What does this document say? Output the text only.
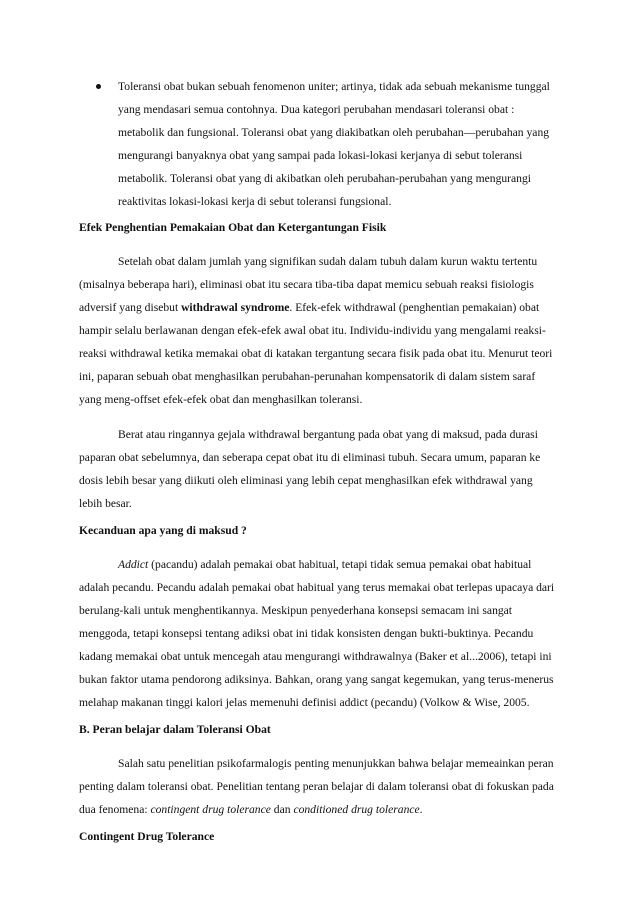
Toleransi obat bukan sebuah fenomenon uniter; artinya, tidak ada sebuah mekanisme tunggal
yang mendasari semua contohnya. Dua kategori perubahan mendasari toleransi obat :
metabolik dan fungsional. Toleransi obat yang diakibatkan oleh perubahan—perubahan yang
mengurangi banyaknya obat yang sampai pada lokasi-lokasi kerjanya di sebut toleransi
metabolik. Toleransi obat yang di akibatkan oleh perubahan-perubahan yang mengurangi
reaktivitas lokasi-lokasi kerja di sebut toleransi fungsional.
Efek Penghentian Pemakaian Obat dan Ketergantungan Fisik
Setelah obat dalam jumlah yang signifikan sudah dalam tubuh dalam kurun waktu tertentu
(misalnya beberapa hari), eliminasi obat itu secara tiba-tiba dapat memicu sebuah reaksi fisiologis
adversif yang disebut withdrawal syndrome. Efek-efek withdrawal (penghentian pemakaian) obat
hampir selalu berlawanan dengan efek-efek awal obat itu. Individu-individu yang mengalami reaksi-
reaksi withdrawal ketika memakai obat di katakan tergantung secara fisik pada obat itu. Menurut teori
ini, paparan sebuah obat menghasilkan perubahan-perunahan kompensatorik di dalam sistem saraf
yang meng-offset efek-efek obat dan menghasilkan toleransi.
Berat atau ringannya gejala withdrawal bergantung pada obat yang di maksud, pada durasi
paparan obat sebelumnya, dan seberapa cepat obat itu di eliminasi tubuh. Secara umum, paparan ke
dosis lebih besar yang diikuti oleh eliminasi yang lebih cepat menghasilkan efek withdrawal yang
lebih besar.
Kecanduan apa yang di maksud ?
Addict (pacandu) adalah pemakai obat habitual, tetapi tidak semua pemakai obat habitual
adalah pecandu. Pecandu adalah pemakai obat habitual yang terus memakai obat terlepas upacaya dari
berulang-kali untuk menghentikannya. Meskipun penyederhana konsepsi semacam ini sangat
menggoda, tetapi konsepsi tentang adiksi obat ini tidak konsisten dengan bukti-buktinya. Pecandu
kadang memakai obat untuk mencegah atau mengurangi withdrawalnya (Baker et al...2006), tetapi ini
bukan faktor utama pendorong adiksinya. Bahkan, orang yang sangat kegemukan, yang terus-menerus
melahap makanan tinggi kalori jelas memenuhi definisi addict (pecandu) (Volkow & Wise, 2005.
B. Peran belajar dalam Toleransi Obat
Salah satu penelitian psikofarmalogis penting menunjukkan bahwa belajar memeainkan peran
penting dalam toleransi obat. Penelitian tentang peran belajar di dalam toleransi obat di fokuskan pada
dua fenomena: contingent drug tolerance dan conditioned drug tolerance.
Contingent Drug Tolerance
